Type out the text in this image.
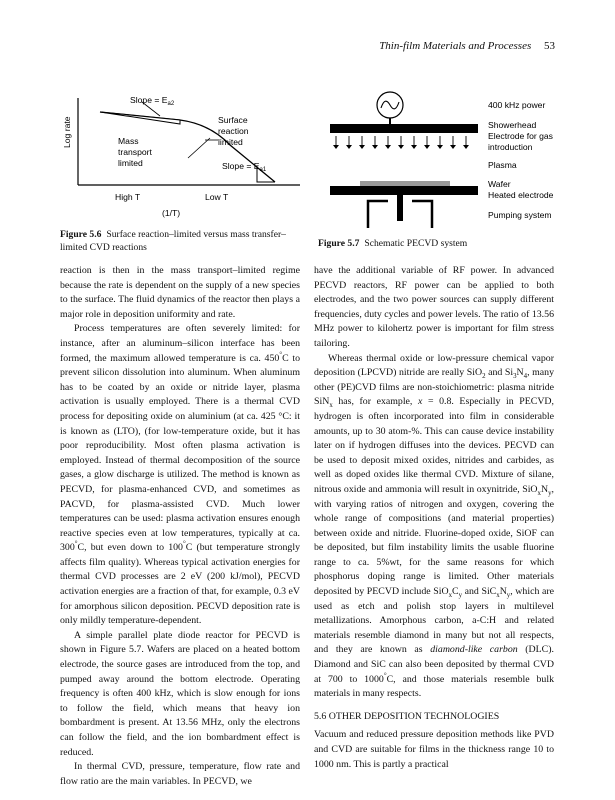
Thin-film Materials and Processes 53
Slope = $E_{a2}$
Log rate	Mass
transport
limited
Surface
reaction
limited
Slope = $E_{a1}$
High T	Low T
(1/T)
Figure 5.6 Surface reaction–limited versus mass transfer–limited CVD reactions
400 kHz power
Showerhead
Electrode for gas
introduction
Plasma
Wafer
Heated electrode
Pumping system
Figure 5.7 Schematic PECVD system

reaction is then in the mass transport–limited regime because the rate is dependent on the supply of a new species to the surface. The fluid dynamics of the reactor then plays a major role in deposition uniformity and rate.

Process temperatures are often severely limited: for instance, after an aluminum–silicon interface has been formed, the maximum allowed temperature is ca. 450°C to prevent silicon dissolution into aluminum. When aluminum has to be coated by an oxide or nitride layer, plasma activation is usually employed. There is a thermal CVD process for depositing oxide on aluminium (at ca. 425 °C: it is known as (LTO), (for low-temperature oxide, but it has poor reproducibility. Most often plasma activation is employed. Instead of thermal decomposition of the source gases, a glow discharge is utilized. The method is known as PECVD, for plasma-enhanced CVD, and sometimes as PACVD, for plasma-assisted CVD. Much lower temperatures can be used: plasma activation ensures enough reactive species even at low temperatures, typically at ca. 300°C, but even down to 100°C (but temperature strongly affects film quality). Whereas typical activation energies for thermal CVD processes are 2 eV (200 kJ/mol), PECVD activation energies are a fraction of that, for example, 0.3 eV for amorphous silicon deposition. PECVD deposition rate is only mildly temperature-dependent.

A simple parallel plate diode reactor for PECVD is shown in Figure 5.7. Wafers are placed on a heated bottom electrode, the source gases are introduced from the top, and pumped away around the bottom electrode. Operating frequency is often 400 kHz, which is slow enough for ions to follow the field, which means that heavy ion bombardment is present. At 13.56 MHz, only the electrons can follow the field, and the ion bombardment effect is reduced.

In thermal CVD, pressure, temperature, flow rate and flow ratio are the main variables. In PECVD, we

have the additional variable of RF power. In advanced PECVD reactors, RF power can be applied to both electrodes, and the two power sources can supply different frequencies, duty cycles and power levels. The ratio of 13.56 MHz power to kilohertz power is important for film stress tailoring.

Whereas thermal oxide or low-pressure chemical vapor deposition (LPCVD) nitride are really SiO$_2$ and $Si_3N_4$, many other (PE)CVD films are non-stoichiometric: plasma nitride SiN$_x$ has, for example, x = 0.8. Especially in PECVD, hydrogen is often incorporated into film in considerable amounts, up to 30 atom-%. This can cause device instability later on if hydrogen diffuses into the devices. PECVD can be used to deposit mixed oxides, nitrides and carbides, as well as doped oxides like thermal CVD. Mixture of silane, nitrous oxide and ammonia will result in oxynitride, $SiO_xN_y$, with varying ratios of nitrogen and oxygen, covering the whole range of compositions (and material properties) between oxide and nitride. Fluorine-doped oxide, SiOF can be deposited, but film instability limits the usable fluorine range to ca. 5%wt, for the same reasons for which phosphorus doping range is limited. Other materials deposited by PECVD include $SiO_xC_y$ and $SiC_xN_y$, which are used as etch and polish stop layers in multilevel metallizations. Amorphous carbon, a-C:H and related materials resemble diamond in many but not all respects, and they are known as diamond-like carbon (DLC). Diamond and SiC can also been deposited by thermal CVD at 700 to 1000°C, and those materials resemble bulk materials in many respects.

5.6 OTHER DEPOSITION TECHNOLOGIES

Vacuum and reduced pressure deposition methods like PVD and CVD are suitable for films in the thickness range 10 to 1000 nm. This is partly a practical
